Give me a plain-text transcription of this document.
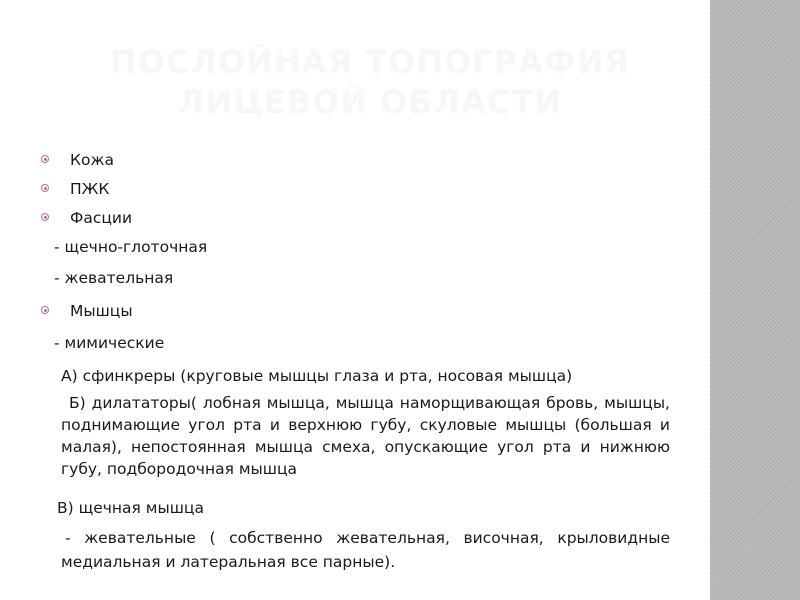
ПОСЛОЙНАЯ ТОПОГРАФИЯ
ЛИЦЕВОЙ ОБЛАСТИ
Кожа
ПЖК
Фасции
- щечно-глоточная
- жевательная
Мышцы
- мимические
А) сфинкреры (круговые мышцы глаза и рта, носовая мышца)
Б) дилататоры( лобная мышца, мышца наморщивающая бровь, мышцы, поднимающие угол рта и верхнюю губу, скуловые мышцы (большая и малая), непостоянная мышца смеха, опускающие угол рта и нижнюю губу, подбородочная мышца
В) щечная мышца
- жевательные ( собственно жевательная, височная, крыловидные медиальная и латеральная все парные).
